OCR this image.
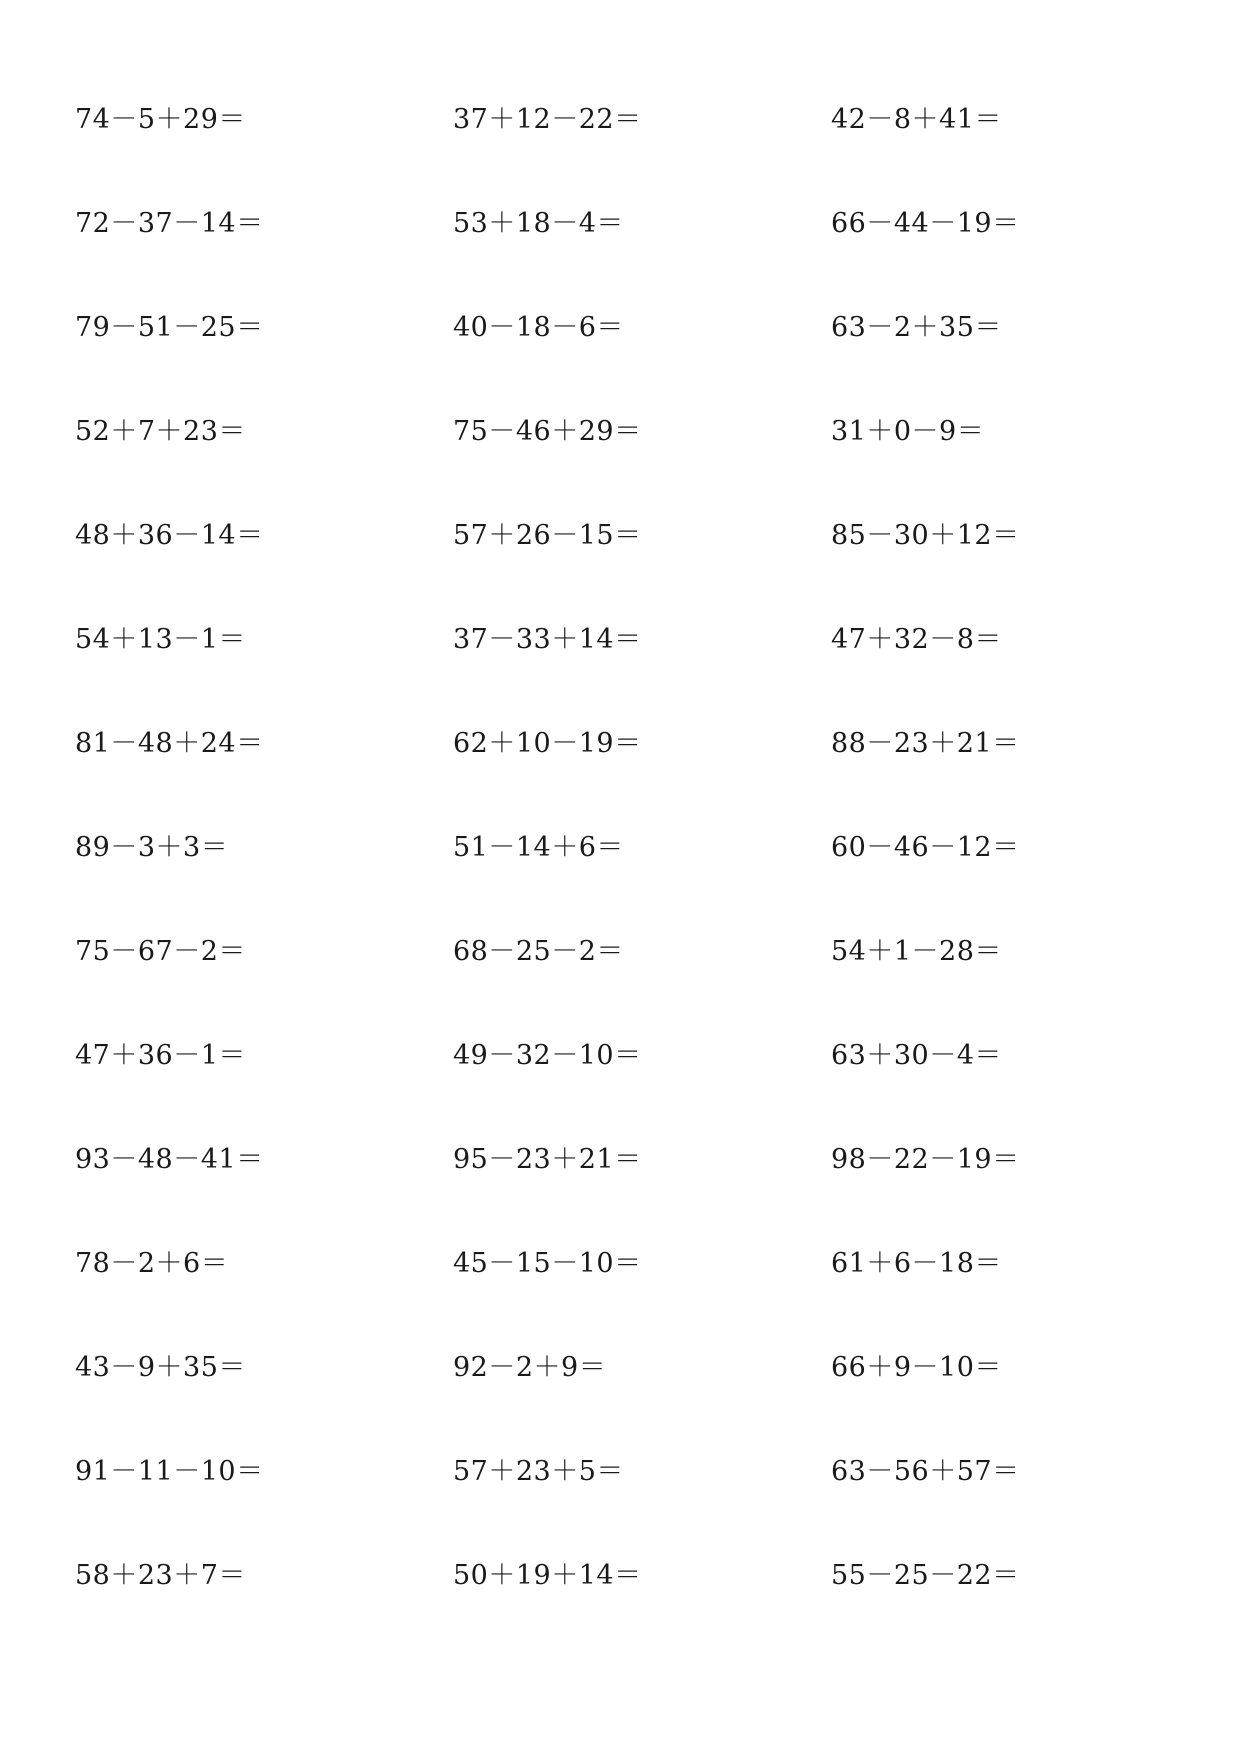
74－5＋29＝	37＋12－22＝	42－8＋41＝
72－37－14＝	53＋18－4＝	66－44－19＝
79－51－25＝	40－18－6＝	63－2＋35＝
52＋7＋23＝	75－46＋29＝	31＋0－9＝
48＋36－14＝	57＋26－15＝	85－30＋12＝
54＋13－1＝	37－33＋14＝	47＋32－8＝
81－48＋24＝	62＋10－19＝	88－23＋21＝
89－3＋3＝	51－14＋6＝	60－46－12＝
75－67－2＝	68－25－2＝	54＋1－28＝
47＋36－1＝	49－32－10＝	63＋30－4＝
93－48－41＝	95－23＋21＝	98－22－19＝
78－2＋6＝	45－15－10＝	61＋6－18＝
43－9＋35＝	92－2＋9＝	66＋9－10＝
91－11－10＝	57＋23＋5＝	63－56＋57＝
58＋23＋7＝	50＋19＋14＝	55－25－22＝
